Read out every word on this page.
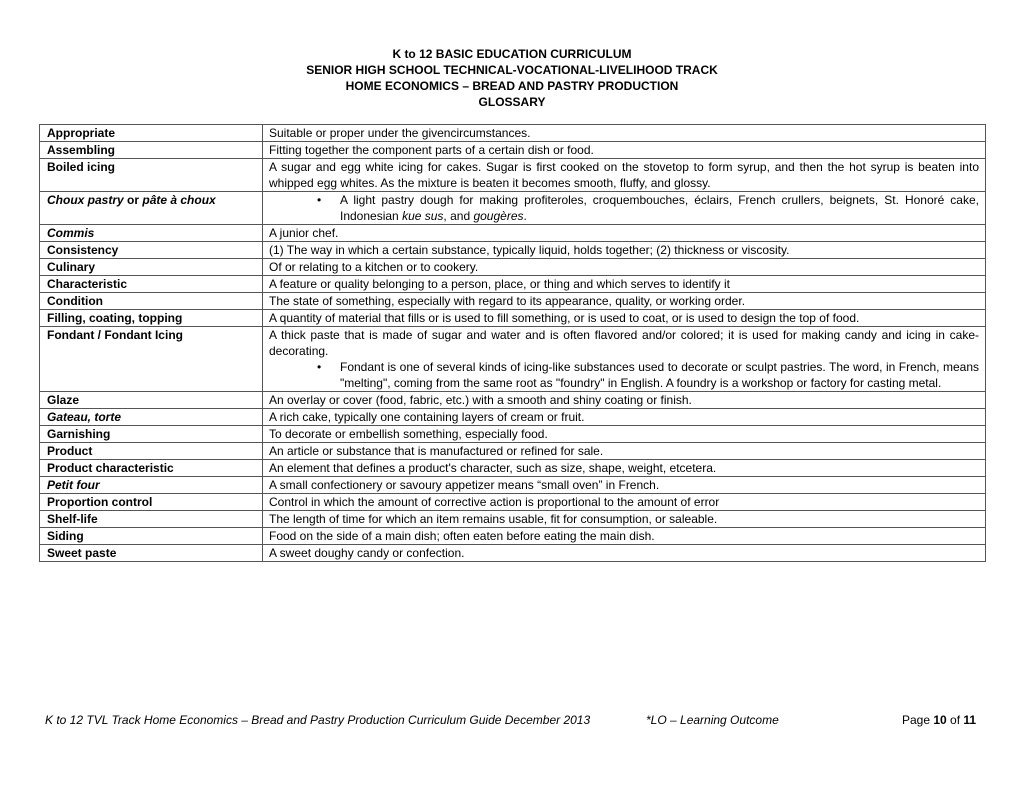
K to 12 BASIC EDUCATION CURRICULUM
SENIOR HIGH SCHOOL TECHNICAL-VOCATIONAL-LIVELIHOOD TRACK
HOME ECONOMICS – BREAD AND PASTRY PRODUCTION
GLOSSARY
Appropriate	Suitable or proper under the givencircumstances.
Assembling	Fitting together the component parts of a certain dish or food.
Boiled icing	A sugar and egg white icing for cakes. Sugar is first cooked on the stovetop to form syrup, and then the hot syrup is beaten into whipped egg whites. As the mixture is beaten it becomes smooth, fluffy, and glossy.
Choux pastry or pâte à choux	• A light pastry dough for making profiteroles, croquembouches, éclairs, French crullers, beignets, St. Honoré cake, Indonesian kue sus, and gougères.

Commis	A junior chef.
Consistency	(1) The way in which a certain substance, typically liquid, holds together; (2) thickness or viscosity.
Culinary	Of or relating to a kitchen or to cookery.
Characteristic	A feature or quality belonging to a person, place, or thing and which serves to identify it
Condition	The state of something, especially with regard to its appearance, quality, or working order.
Filling, coating, topping	A quantity of material that fills or is used to fill something, or is used to coat, or is used to design the top of food.
Fondant / Fondant Icing	A thick paste that is made of sugar and water and is often flavored and/or colored; it is used for making candy and icing in cake-decorating.
• Fondant is one of several kinds of icing-like substances used to decorate or sculpt pastries. The word, in French, means "melting", coming from the same root as "foundry" in English. A foundry is a workshop or factory for casting metal.

Glaze	An overlay or cover (food, fabric, etc.) with a smooth and shiny coating or finish.
Gateau, torte	A rich cake, typically one containing layers of cream or fruit.
Garnishing	To decorate or embellish something, especially food.
Product	An article or substance that is manufactured or refined for sale.
Product characteristic	An element that defines a product's character, such as size, shape, weight, etcetera.
Petit four	A small confectionery or savoury appetizer means “small oven” in French.
Proportion control	Control in which the amount of corrective action is proportional to the amount of error
Shelf-life	The length of time for which an item remains usable, fit for consumption, or saleable.
Siding	Food on the side of a main dish; often eaten before eating the main dish.
Sweet paste	A sweet doughy candy or confection.
K to 12 TVL Track Home Economics – Bread and Pastry Production Curriculum Guide December 2013	*LO – Learning Outcome	Page 10 of 11
